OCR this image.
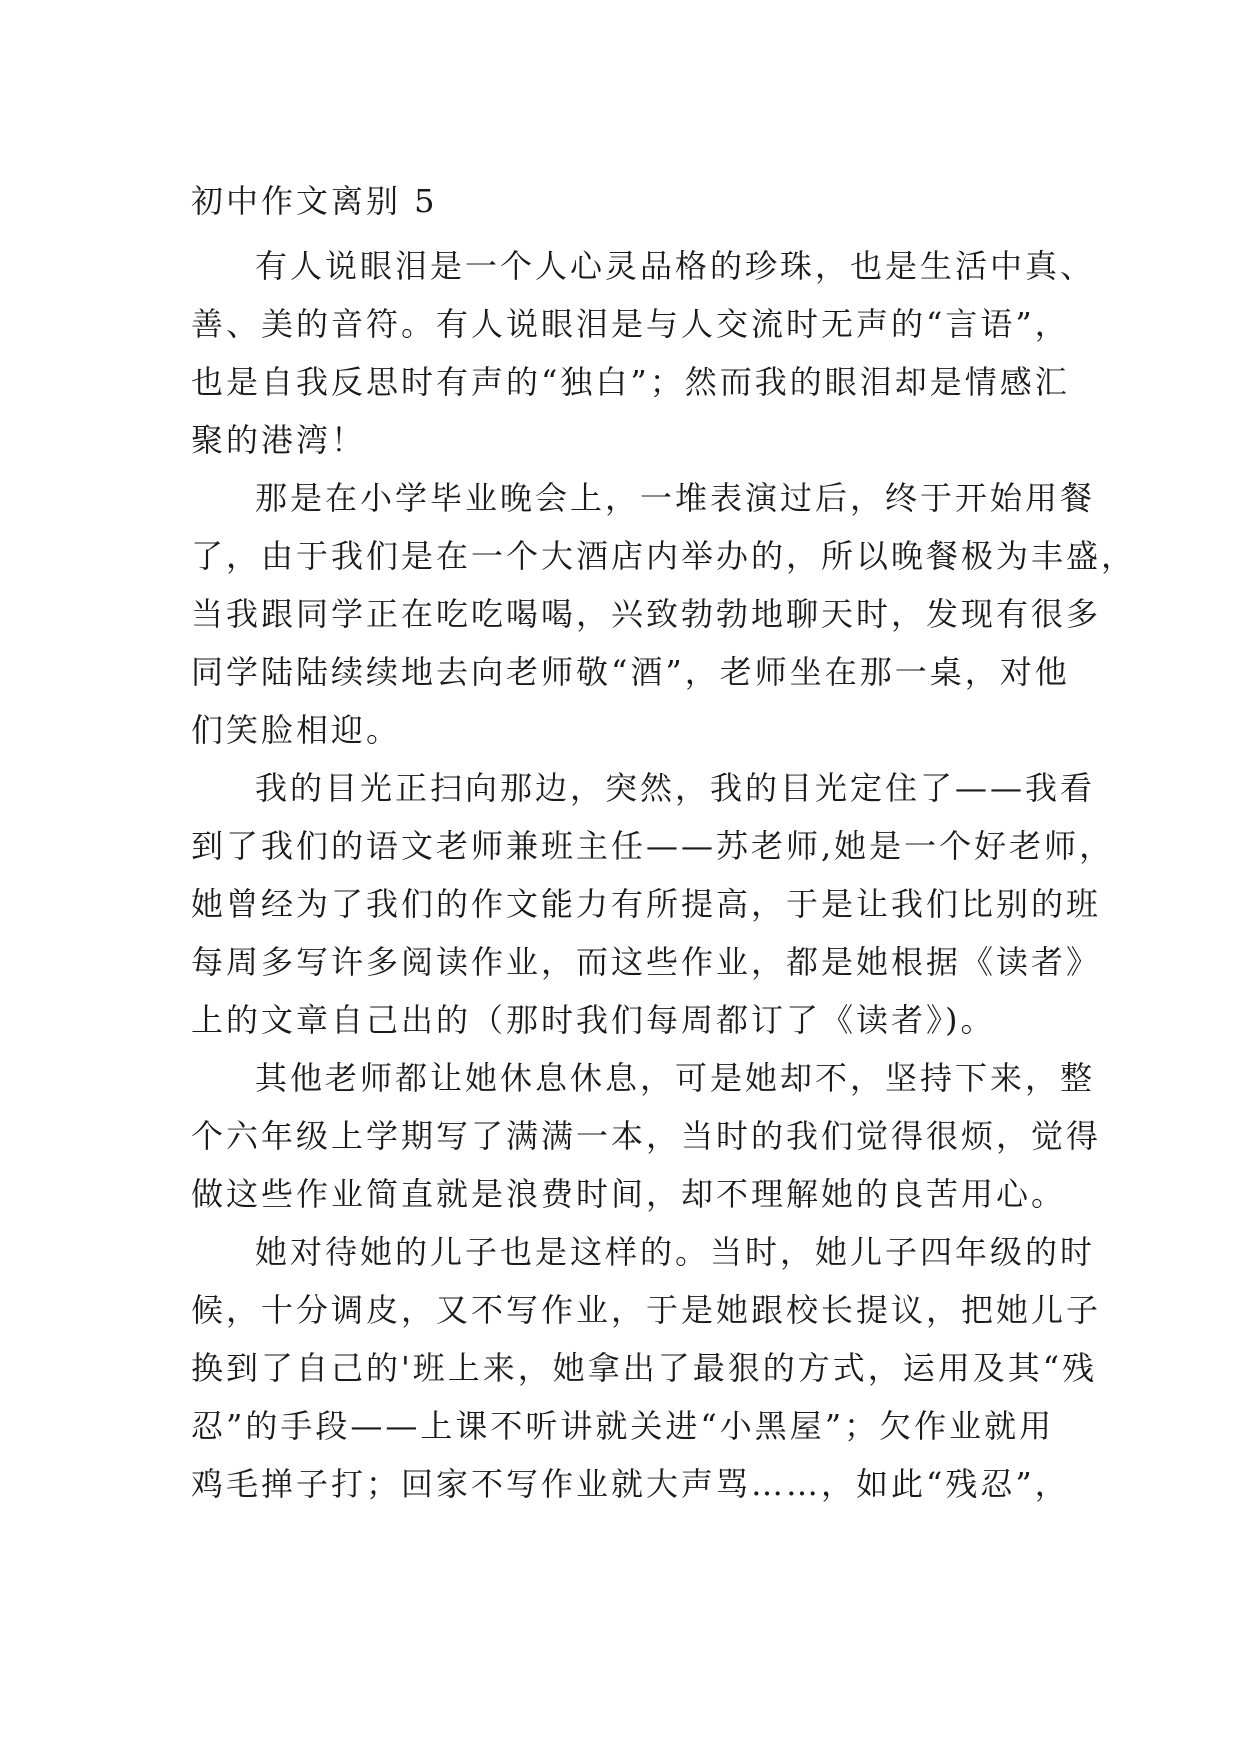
初中作文离别 5

有人说眼泪是一个人心灵品格的珍珠，也是生活中真、
善、美的音符。有人说眼泪是与人交流时无声的“言语”，
也是自我反思时有声的“独白”；然而我的眼泪却是情感汇
聚的港湾！

那是在小学毕业晚会上，一堆表演过后，终于开始用餐
了，由于我们是在一个大酒店内举办的，所以晚餐极为丰盛，
当我跟同学正在吃吃喝喝，兴致勃勃地聊天时，发现有很多
同学陆陆续续地去向老师敬“酒”，老师坐在那一桌，对他
们笑脸相迎。

我的目光正扫向那边，突然，我的目光定住了——我看
到了我们的语文老师兼班主任——苏老师,她是一个好老师，
她曾经为了我们的作文能力有所提高，于是让我们比别的班
每周多写许多阅读作业，而这些作业，都是她根据《读者》
上的文章自己出的（那时我们每周都订了《读者》)。

其他老师都让她休息休息，可是她却不，坚持下来，整
个六年级上学期写了满满一本，当时的我们觉得很烦，觉得
做这些作业简直就是浪费时间，却不理解她的良苦用心。

她对待她的儿子也是这样的。当时，她儿子四年级的时
候，十分调皮，又不写作业，于是她跟校长提议，把她儿子
换到了自己的'班上来，她拿出了最狠的方式，运用及其“残
忍”的手段——上课不听讲就关进“小黑屋”；欠作业就用
鸡毛掸子打；回家不写作业就大声骂……，如此“残忍”，
